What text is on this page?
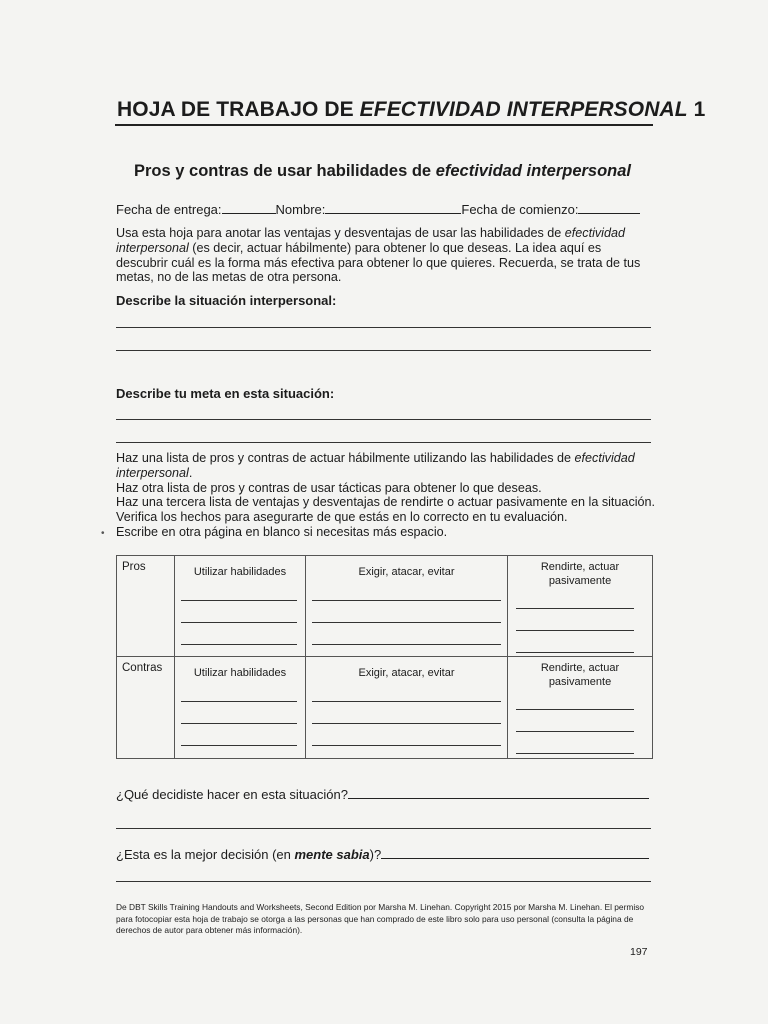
HOJA DE TRABAJO DE EFECTIVIDAD INTERPERSONAL 1
Pros y contras de usar habilidades de efectividad interpersonal
Fecha de entrega:	Nombre:	Fecha de comienzo:
Usa esta hoja para anotar las ventajas y desventajas de usar las habilidades de efectividad interpersonal (es decir, actuar hábilmente) para obtener lo que deseas. La idea aquí es descubrir cuál es la forma más efectiva para obtener lo que quieres. Recuerda, se trata de tus metas, no de las metas de otra persona.
Describe la situación interpersonal:
Describe tu meta en esta situación:
Haz una lista de pros y contras de actuar hábilmente utilizando las habilidades de efectividad interpersonal.
Haz otra lista de pros y contras de usar tácticas para obtener lo que deseas.
Haz una tercera lista de ventajas y desventajas de rendirte o actuar pasivamente en la situación. Verifica los hechos para asegurarte de que estás en lo correcto en tu evaluación.
Escribe en otra página en blanco si necesitas más espacio.
•
Pros	Utilizar habilidades	Exigir, atacar, evitar	Rendirte, actuar
pasivamente

Contras	Utilizar habilidades	Exigir, atacar, evitar	Rendirte, actuar
pasivamente
¿Qué decidiste hacer en esta situación?
¿Esta es la mejor decisión (en mente sabia)?
De DBT Skills Training Handouts and Worksheets, Second Edition por Marsha M. Linehan. Copyright 2015 por Marsha M. Linehan. El permiso para fotocopiar esta hoja de trabajo se otorga a las personas que han comprado de este libro solo para uso personal (consulta la página de derechos de autor para obtener más información).
197
